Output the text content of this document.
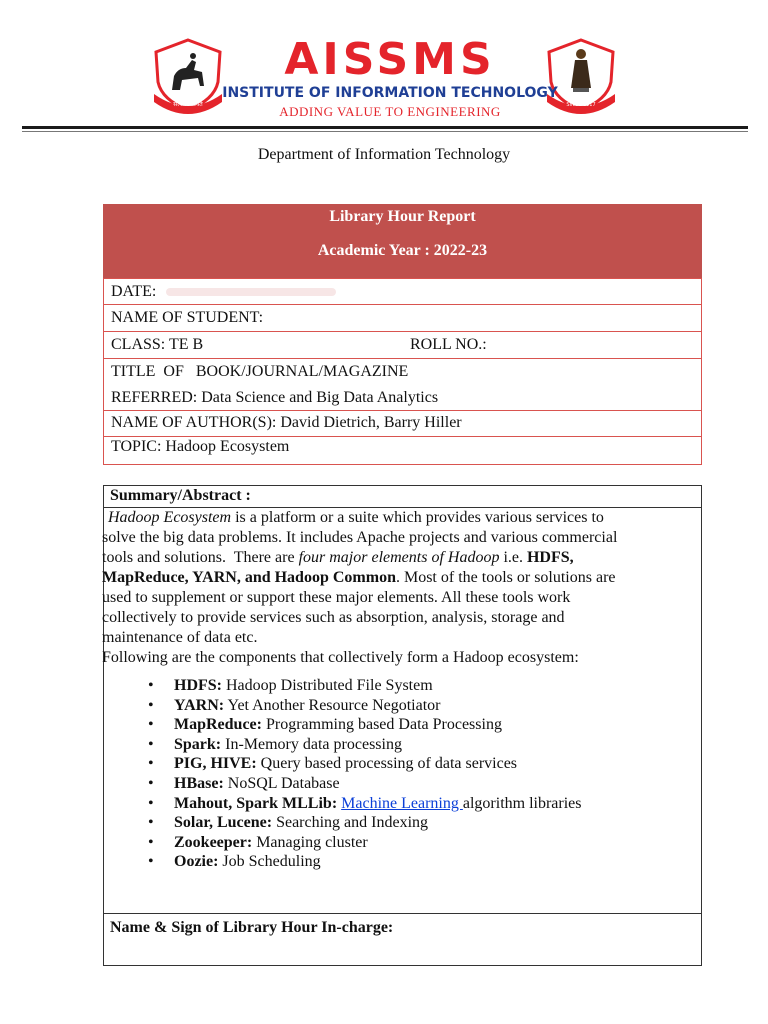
सत्यमेव जयते	SINCE 1917
AISSMS
INSTITUTE OF INFORMATION TECHNOLOGY
ADDING VALUE TO ENGINEERING
Department of Information Technology
Library Hour Report
Academic Year : 2022-23
DATE:
NAME OF STUDENT:
CLASS: TE B	ROLL NO.:
TITLE  OF   BOOK/JOURNAL/MAGAZINE
REFERRED: Data Science and Big Data Analytics
NAME OF AUTHOR(S): David Dietrich, Barry Hiller
TOPIC: Hadoop Ecosystem
Summary/Abstract :

Hadoop Ecosystem is a platform or a suite which provides various services to

solve the big data problems. It includes Apache projects and various commercial

tools and solutions.  There are four major elements of Hadoop i.e. HDFS,

MapReduce, YARN, and Hadoop Common. Most of the tools or solutions are

used to supplement or support these major elements. All these tools work

collectively to provide services such as absorption, analysis, storage and

maintenance of data etc.

Following are the components that collectively form a Hadoop ecosystem:

• HDFS: Hadoop Distributed File System
• YARN: Yet Another Resource Negotiator
• MapReduce: Programming based Data Processing
• Spark: In-Memory data processing
• PIG, HIVE: Query based processing of data services
• HBase: NoSQL Database
• Mahout, Spark MLLib: Machine Learning algorithm libraries
• Solar, Lucene: Searching and Indexing
• Zookeeper: Managing cluster
• Oozie: Job Scheduling
Name & Sign of Library Hour In-charge:
